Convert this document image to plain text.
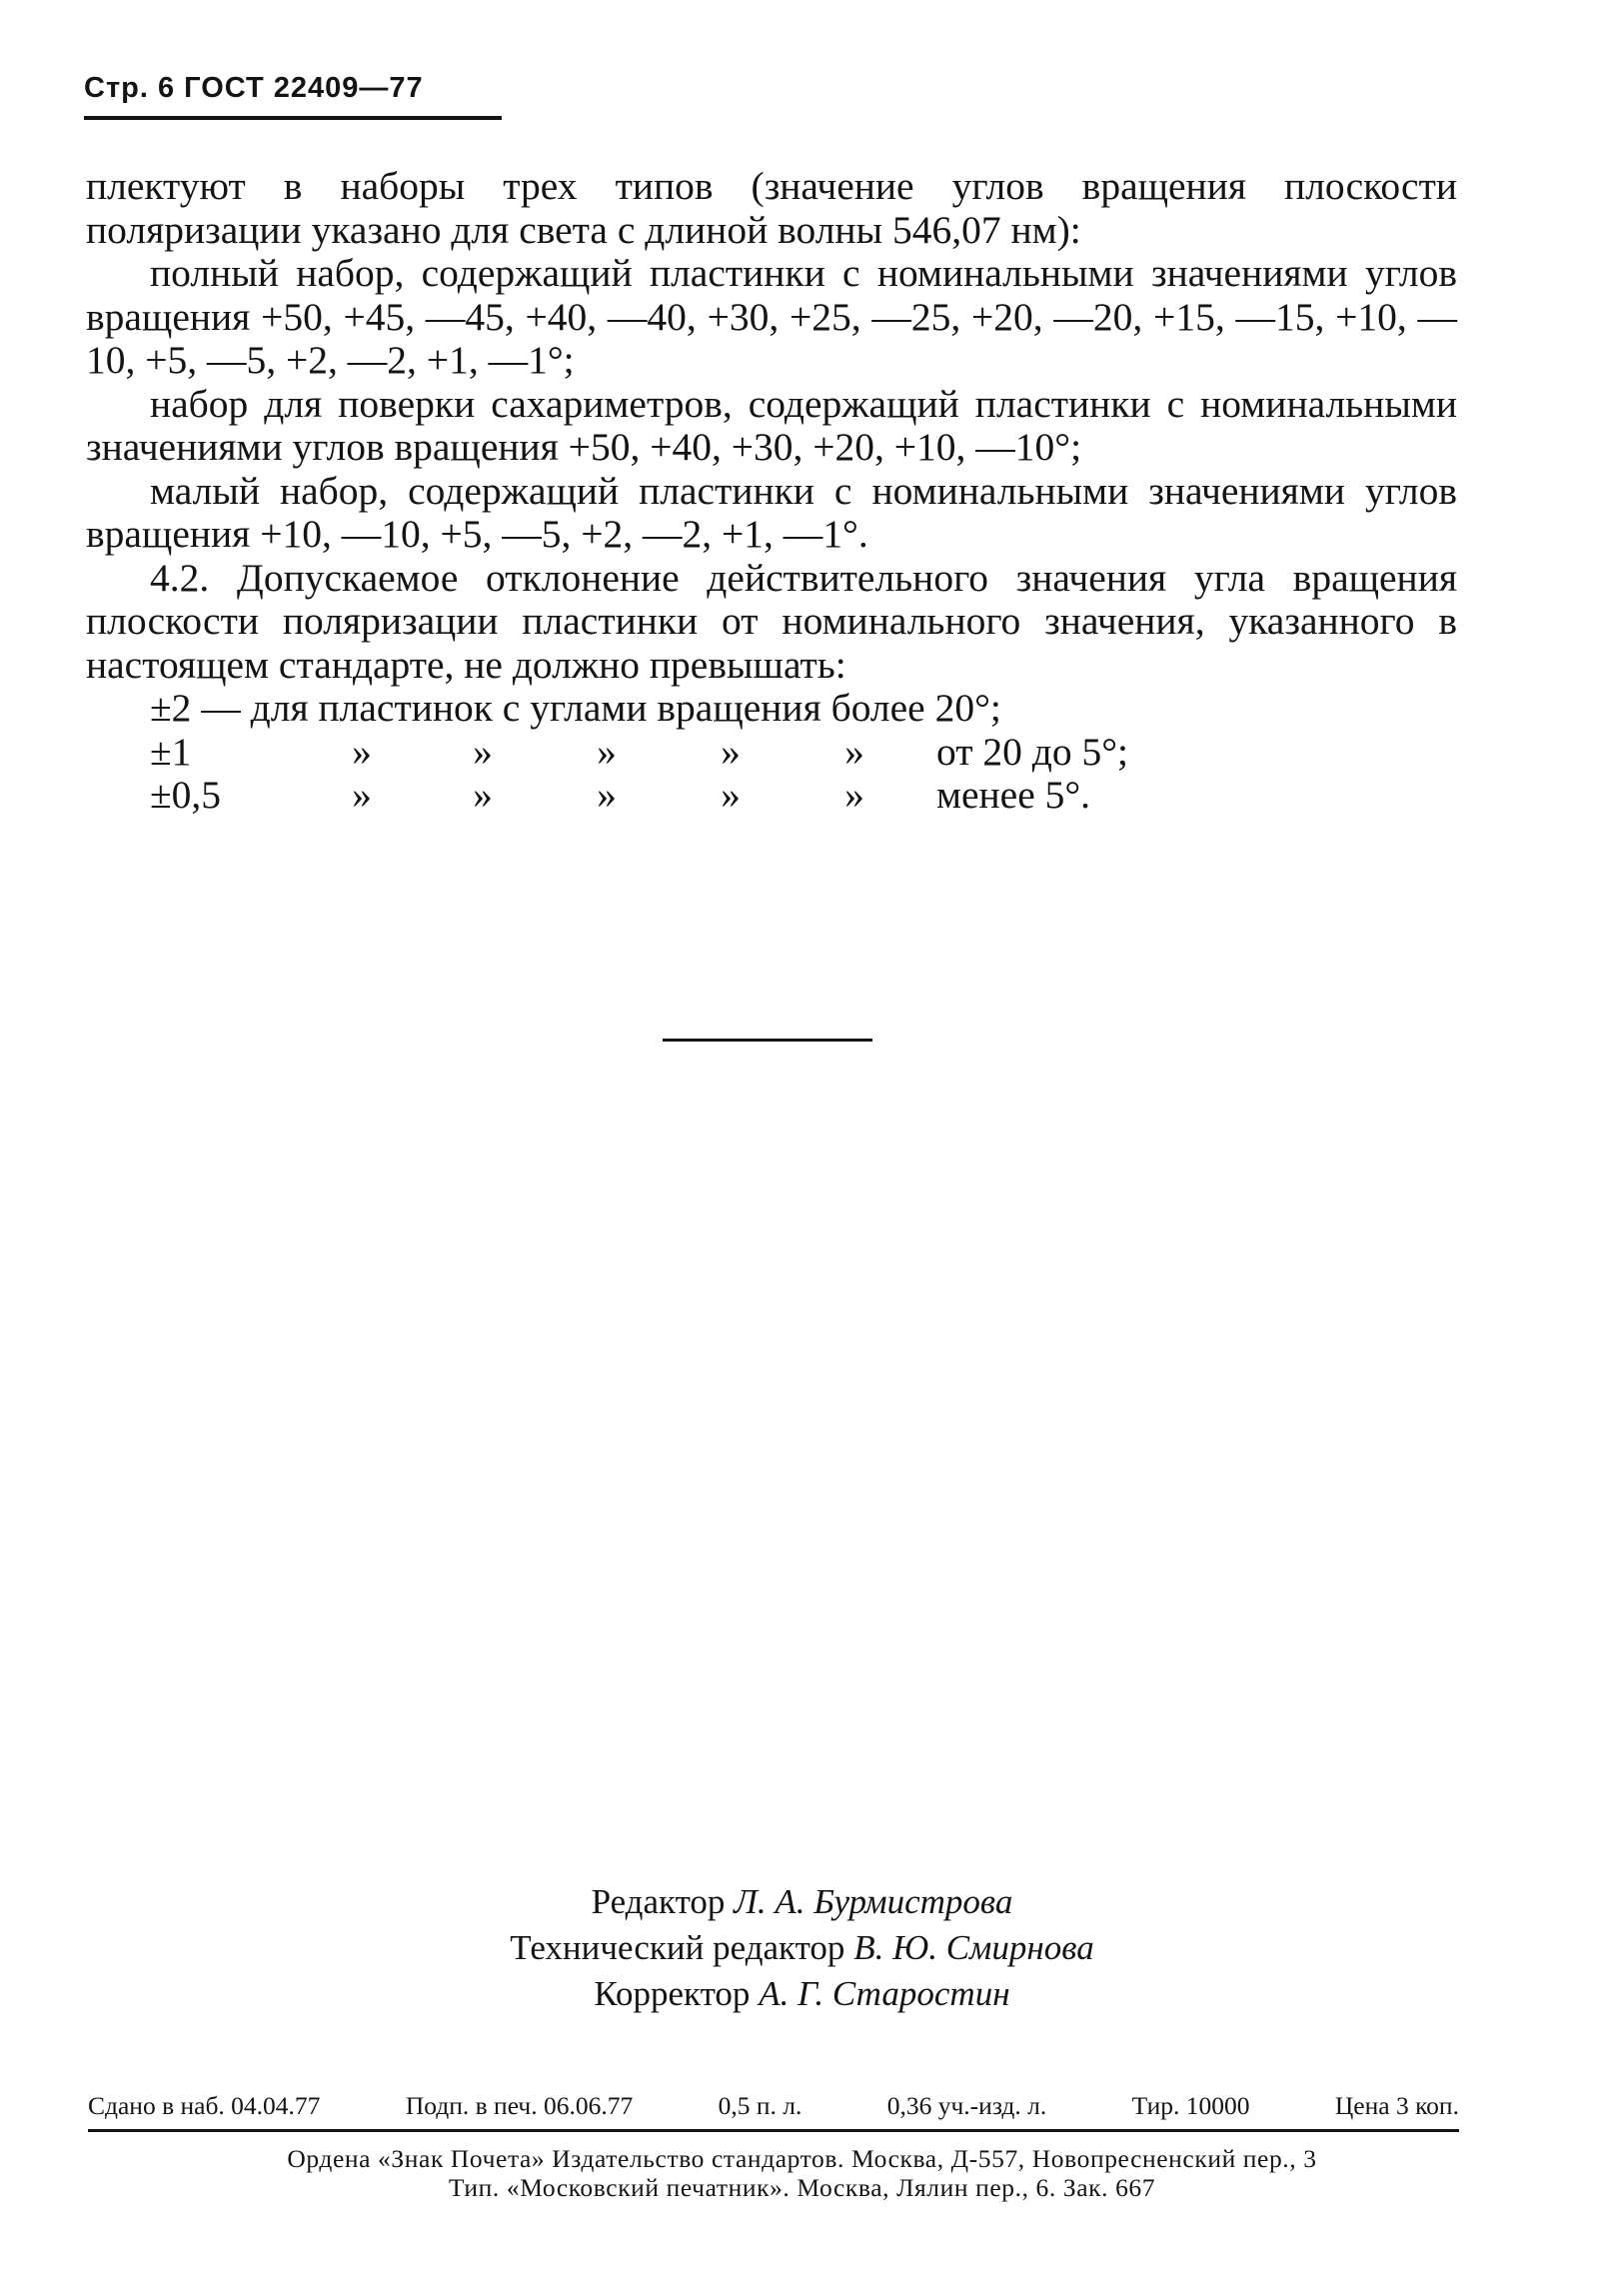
Стр. 6 ГОСТ 22409—77

плектуют в наборы трех типов (значение углов вращения плоскости поляризации указано для света с длиной волны 546,07 нм):

полный набор, содержащий пластинки с номинальными значениями углов вращения +50, +45, —45, +40, —40, +30, +25, —25, +20, —20, +15, —15, +10, —10, +5, —5, +2, —2, +1, —1°;

набор для поверки сахариметров, содержащий пластинки с номинальными значениями углов вращения +50, +40, +30, +20, +10, —10°;

малый набор, содержащий пластинки с номинальными значениями углов вращения +10, —10, +5, —5, +2, —2, +1, —1°.

4.2. Допускаемое отклонение действительного значения угла вращения плоскости поляризации пластинки от номинального значения, указанного в настоящем стандарте, не должно превышать:

±2 — для пластинок с углами вращения более 20°;

±1	»	»	»	»	»	от 20 до 5°;
±0,5	»	»	»	»	»	менее 5°.
Редактор Л. А. Бурмистрова
Технический редактор В. Ю. Смирнова
Корректор А. Г. Старостин
Сдано в наб. 04.04.77	Подп. в печ. 06.06.77	0,5 п. л.	0,36 уч.-изд. л.	Тир. 10000	Цена 3 коп.
Ордена «Знак Почета» Издательство стандартов. Москва, Д-557, Новопресненский пер., 3
Тип. «Московский печатник». Москва, Лялин пер., 6. Зак. 667
